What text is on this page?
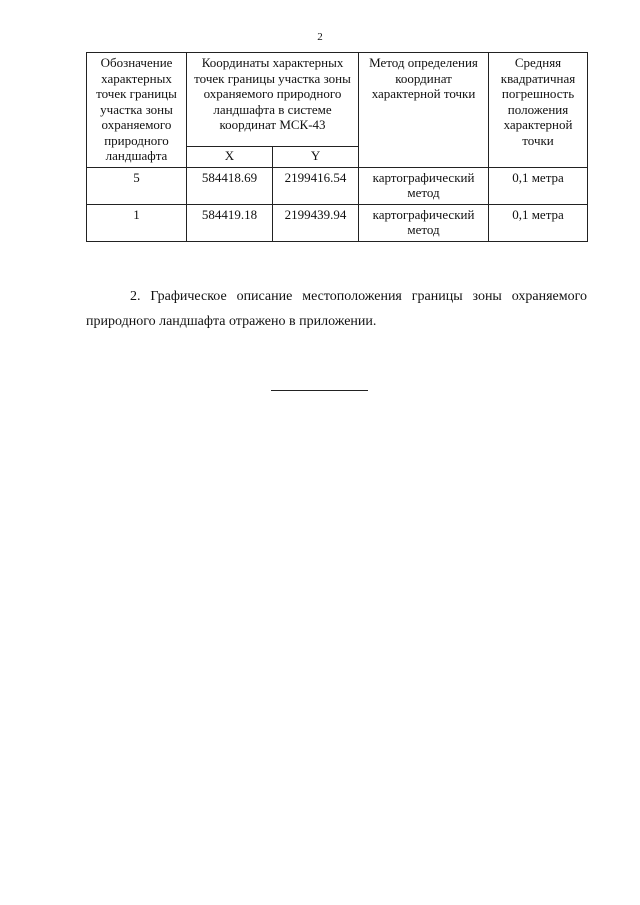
2
Обозначение характерных точек границы участка зоны охраняемого природного ландшафта	Координаты характерных точек границы участка зоны охраняемого природного ландшафта в системе координат МСК-43		Метод определения координат характерной точки	Средняя квадратичная погрешность положения характерной точки
	X	Y		
5	584418.69	2199416.54	картографический метод	0,1 метра
1	584419.18	2199439.94	картографический метод	0,1 метра

2. Графическое описание местоположения границы зоны охраняемого природного ландшафта отражено в приложении.
